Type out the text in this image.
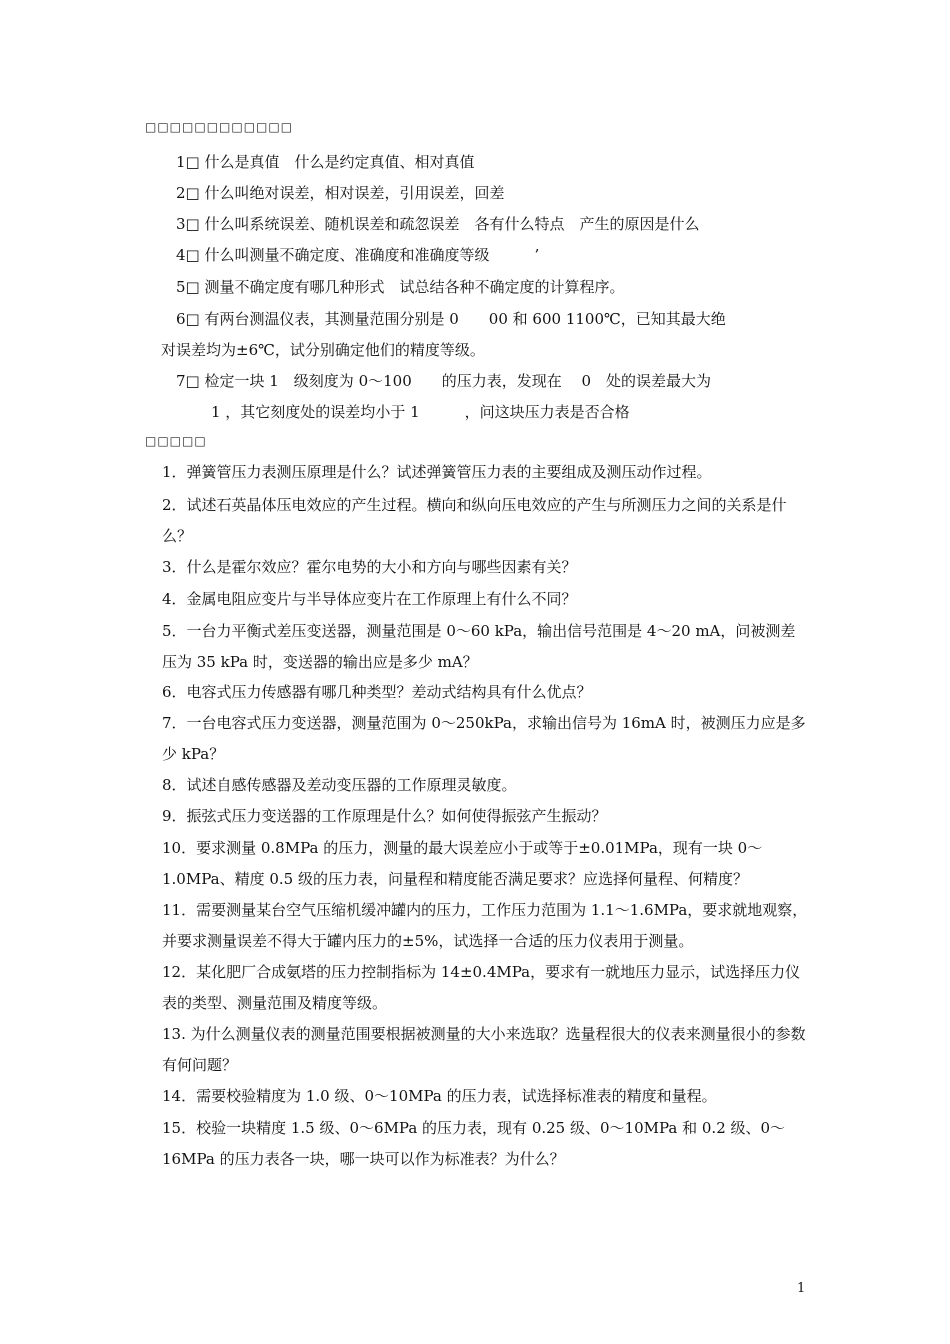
□□□□□□□□□□□□
1□ 什么是真值　什么是约定真值、相对真值
2□ 什么叫绝对误差，相对误差，引用误差，回差
3□ 什么叫系统误差、随机误差和疏忽误差　各有什么特点　产生的原因是什么
4□ 什么叫测量不确定度、准确度和准确度等级　　　’
5□ 测量不确定度有哪几种形式　试总结各种不确定度的计算程序。
6□ 有两台测温仪表，其测量范围分别是 0　　00 和 600 1100℃，已知其最大绝
对误差均为±6℃，试分别确定他们的精度等级。
7□ 检定一块 1　级刻度为 0～100　　的压力表，发现在　 0　处的误差最大为
1 ，其它刻度处的误差均小于 1　　　，问这块压力表是否合格
□□□□□
1．弹簧管压力表测压原理是什么？试述弹簧管压力表的主要组成及测压动作过程。
2．试述石英晶体压电效应的产生过程。横向和纵向压电效应的产生与所测压力之间的关系是什么？
3．什么是霍尔效应？霍尔电势的大小和方向与哪些因素有关？
4．金属电阻应变片与半导体应变片在工作原理上有什么不同？
5．一台力平衡式差压变送器，测量范围是 0～60 kPa，输出信号范围是 4～20 mA，问被测差压为 35 kPa 时，变送器的输出应是多少 mA？
6．电容式压力传感器有哪几种类型？差动式结构具有什么优点？
7．一台电容式压力变送器，测量范围为 0～250kPa，求输出信号为 16mA 时，被测压力应是多少 kPa？
8．试述自感传感器及差动变压器的工作原理灵敏度。
9．振弦式压力变送器的工作原理是什么？如何使得振弦产生振动？
10．要求测量 0.8MPa 的压力，测量的最大误差应小于或等于±0.01MPa，现有一块 0～1.0MPa、精度 0.5 级的压力表，问量程和精度能否满足要求？应选择何量程、何精度？
11．需要测量某台空气压缩机缓冲罐内的压力，工作压力范围为 1.1～1.6MPa，要求就地观察，并要求测量误差不得大于罐内压力的±5%，试选择一合适的压力仪表用于测量。
12．某化肥厂合成氨塔的压力控制指标为 14±0.4MPa，要求有一就地压力显示，试选择压力仪表的类型、测量范围及精度等级。
13. 为什么测量仪表的测量范围要根据被测量的大小来选取？选量程很大的仪表来测量很小的参数有何问题？
14．需要校验精度为 1.0 级、0～10MPa 的压力表，试选择标准表的精度和量程。
15．校验一块精度 1.5 级、0～6MPa 的压力表，现有 0.25 级、0～10MPa 和 0.2 级、0～16MPa 的压力表各一块，哪一块可以作为标准表？为什么？
1
